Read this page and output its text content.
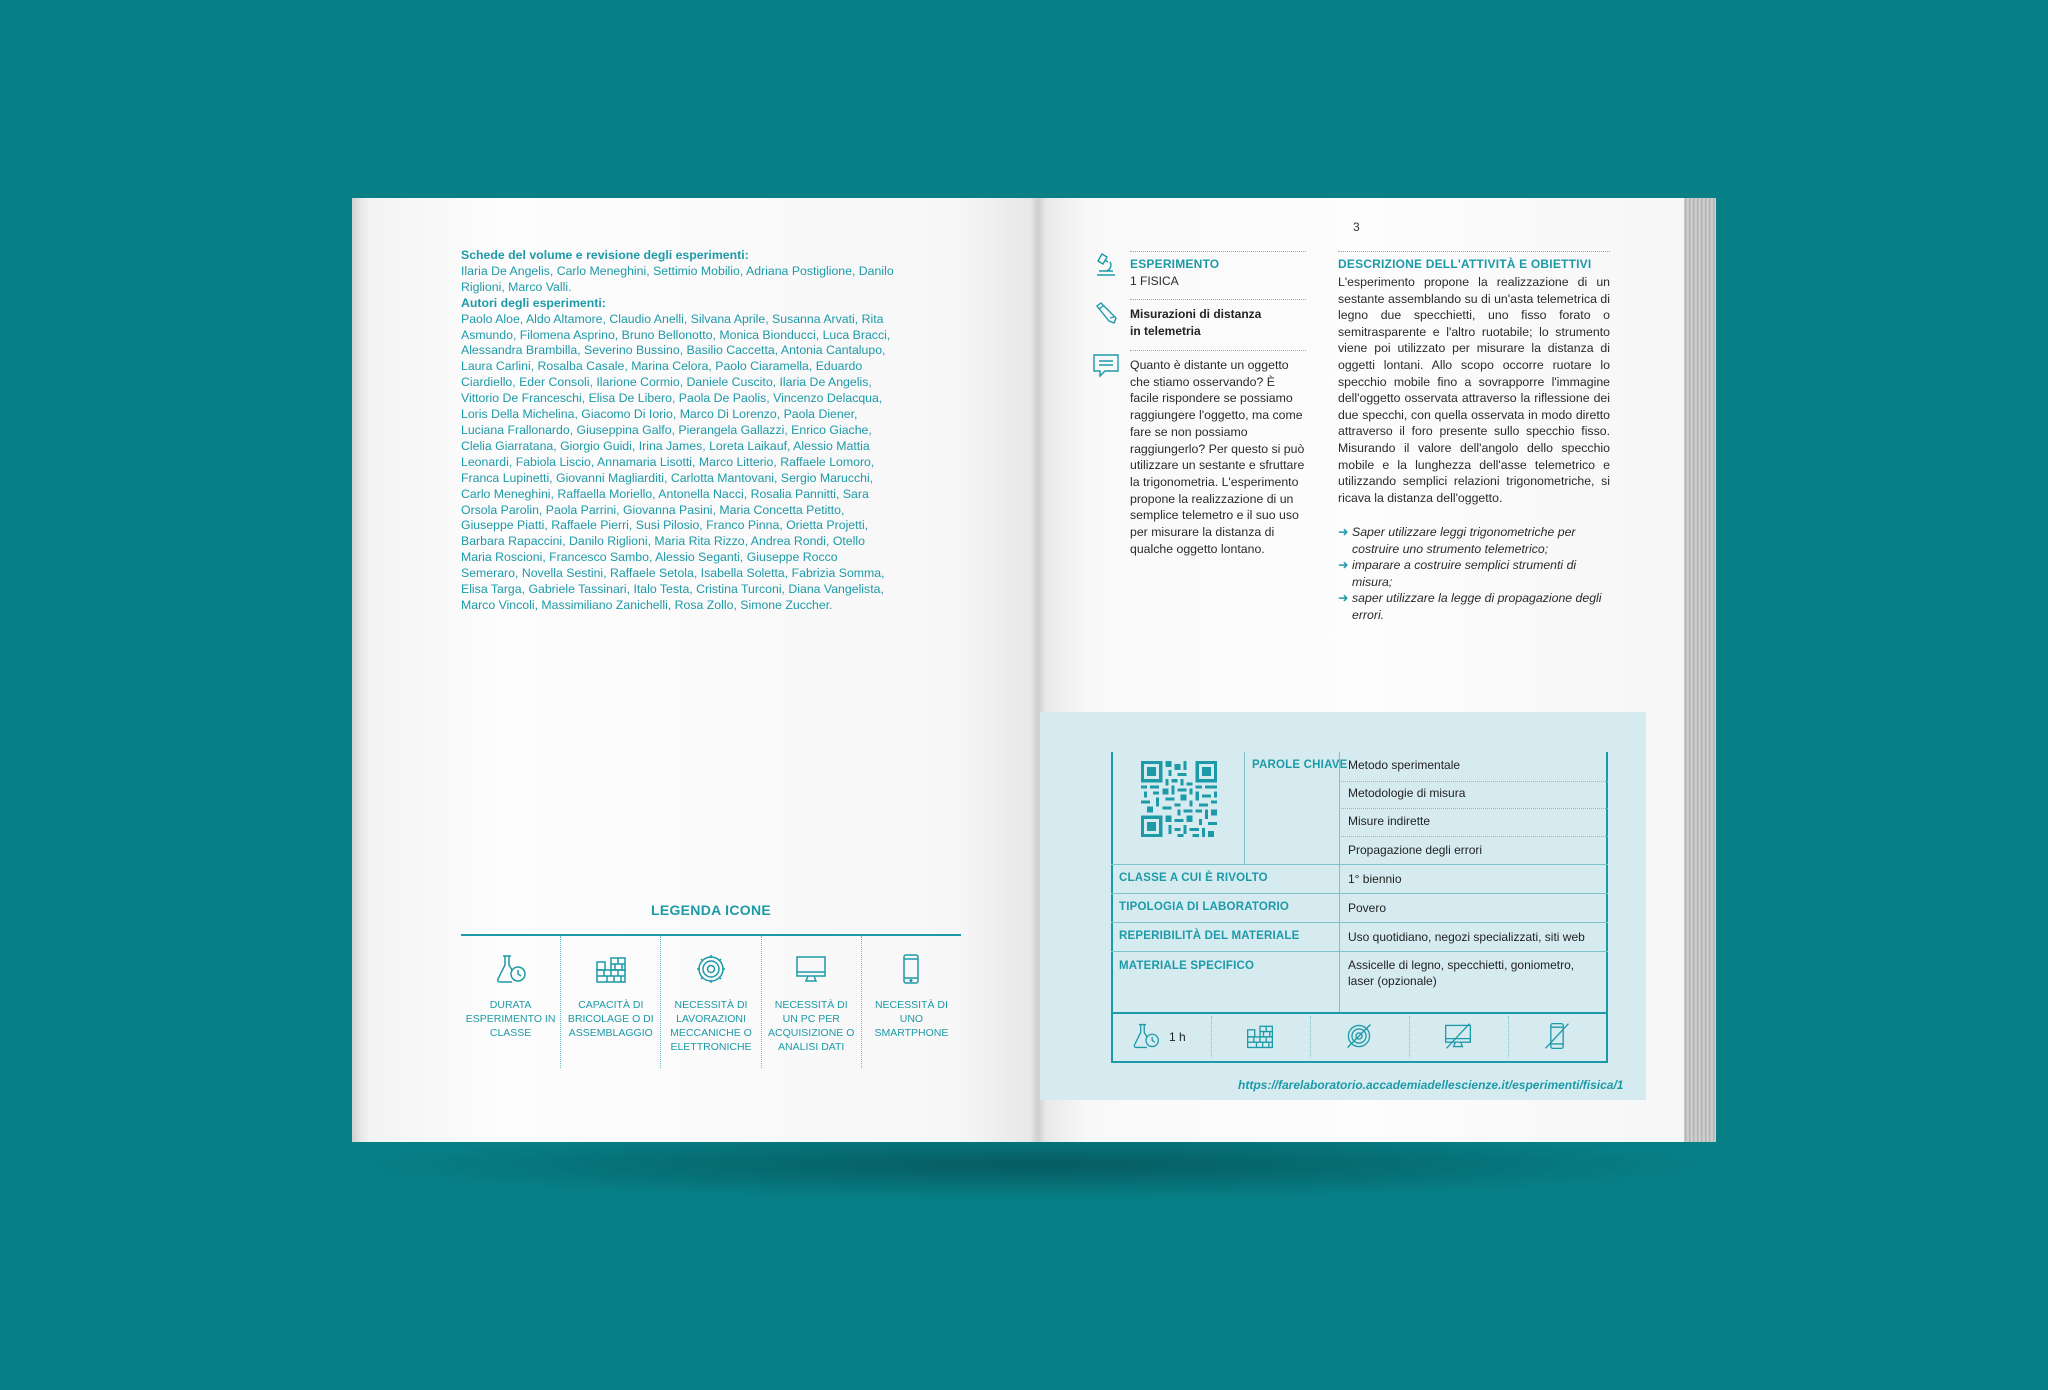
Schede del volume e revisione degli esperimenti:

Ilaria De Angelis, Carlo Meneghini, Settimio Mobilio, Adriana Postiglione, Danilo Riglioni, Marco Valli.

Autori degli esperimenti:

Paolo Aloe, Aldo Altamore, Claudio Anelli, Silvana Aprile, Susanna Arvati, Rita Asmundo, Filomena Asprino, Bruno Bellonotto, Monica Bionducci, Luca Bracci, Alessandra Brambilla, Severino Bussino, Basilio Caccetta, Antonia Cantalupo, Laura Carlini, Rosalba Casale, Marina Celora, Paolo Ciaramella, Eduardo Ciardiello, Eder Consoli, Ilarione Cormio, Daniele Cuscito, Ilaria De Angelis, Vittorio De Franceschi, Elisa De Libero, Paola De Paolis, Vincenzo Delacqua, Loris Della Michelina, Giacomo Di Iorio, Marco Di Lorenzo, Paola Diener, Luciana Frallonardo, Giuseppina Galfo, Pierangela Gallazzi, Enrico Giache, Clelia Giarratana, Giorgio Guidi, Irina James, Loreta Laikauf, Alessio Mattia Leonardi, Fabiola Liscio, Annamaria Lisotti, Marco Litterio, Raffaele Lomoro, Franca Lupinetti, Giovanni Magliarditi, Carlotta Mantovani, Sergio Marucchi, Carlo Meneghini, Raffaella Moriello, Antonella Nacci, Rosalia Pannitti, Sara Orsola Parolin, Paola Parrini, Giovanna Pasini, Maria Concetta Petitto, Giuseppe Piatti, Raffaele Pierri, Susi Pilosio, Franco Pinna, Orietta Projetti, Barbara Rapaccini, Danilo Riglioni, Maria Rita Rizzo, Andrea Rondi, Otello Maria Roscioni, Francesco Sambo, Alessio Seganti, Giuseppe Rocco Semeraro, Novella Sestini, Raffaele Setola, Isabella Soletta, Fabrizia Somma, Elisa Targa, Gabriele Tassinari, Italo Testa, Cristina Turconi, Diana Vangelista, Marco Vincoli, Massimiliano Zanichelli, Rosa Zollo, Simone Zuccher.

LEGENDA ICONE
DURATA ESPERIMENTO IN CLASSE
CAPACITÀ DI BRICOLAGE O DI ASSEMBLAGGIO
NECESSITÀ DI LAVORAZIONI MECCANICHE O ELETTRONICHE
NECESSITÀ DI UN PC PER ACQUISIZIONE O ANALISI DATI
NECESSITÀ DI UNO SMARTPHONE
3
ESPERIMENTO
1 FISICA
Misurazioni di distanza
in telemetria
Quanto è distante un oggetto che stiamo osservando? È facile rispondere se possiamo raggiungere l'oggetto, ma come fare se non possiamo raggiungerlo? Per questo si può utilizzare un sestante e sfruttare la trigonometria. L'esperimento propone la realizzazione di un semplice telemetro e il suo uso per misurare la distanza di qualche oggetto lontano.
DESCRIZIONE DELL'ATTIVITÀ E OBIETTIVI
L'esperimento propone la realizzazione di un sestante assemblando su di un'asta telemetrica di legno due specchietti, uno fisso forato o semitrasparente e l'altro ruotabile; lo strumento viene poi utilizzato per misurare la distanza di oggetti lontani. Allo scopo occorre ruotare lo specchio mobile fino a sovrapporre l'immagine dell'oggetto osservata attraverso la riflessione dei due specchi, con quella osservata in modo diretto attraverso il foro presente sullo specchio fisso. Misurando il valore dell'angolo dello specchio mobile e la lunghezza dell'asse telemetrico e utilizzando semplici relazioni trigonometriche, si ricava la distanza dell'oggetto.
➜ Saper utilizzare leggi trigonometriche per costruire uno strumento telemetrico;
➜ imparare a costruire semplici strumenti di misura;
➜ saper utilizzare la legge di propagazione degli errori.
PAROLE CHIAVE Metodo sperimentale
Metodologie di misura
Misure indirette
Propagazione degli errori
CLASSE A CUI È RIVOLTO	1° biennio
TIPOLOGIA DI LABORATORIO	Povero
REPERIBILITÀ DEL MATERIALE	Uso quotidiano, negozi specializzati, siti web
MATERIALE SPECIFICO	Assicelle di legno, specchietti, goniometro, laser (opzionale)
1 h
https://farelaboratorio.accademiadellescienze.it/esperimenti/fisica/1
